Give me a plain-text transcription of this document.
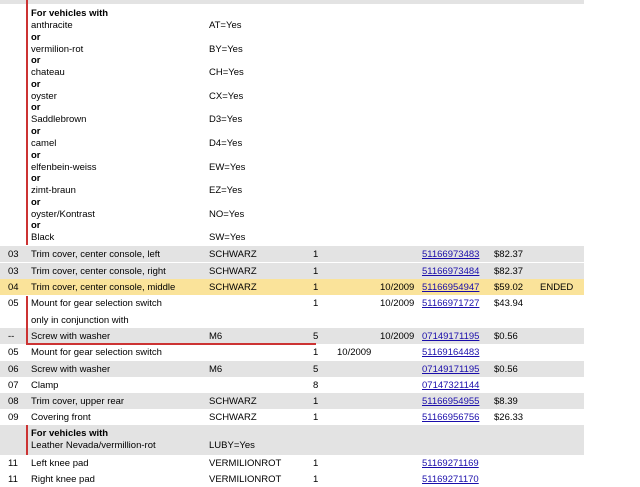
For vehicles with
anthracite	AT=Yes
or
vermilion-rot	BY=Yes
or
chateau	CH=Yes
or
oyster	CX=Yes
or
Saddlebrown	D3=Yes
or
camel	D4=Yes
or
elfenbein-weiss	EW=Yes
or
zimt-braun	EZ=Yes
or
oyster/Kontrast	NO=Yes
or
Black	SW=Yes
03 Trim cover, center console, left	SCHWARZ	1	51166973483 $82.37
03 Trim cover, center console, right	SCHWARZ	1	51166973484 $82.37
04 Trim cover, center console, middle	SCHWARZ	1	10/2009 51166954947 $59.02 ENDED
05 Mount for gear selection switch	1	10/2009 51166971727 $43.94
only in conjunction with
-- Screw with washer	M6	5	10/2009 07149171195 $0.56
05 Mount for gear selection switch	1 10/2009	51169164483
06 Screw with washer	M6	5	07149171195 $0.56
07 Clamp	8	07147321144
08 Trim cover, upper rear	SCHWARZ	1	51166954955 $8.39
09 Covering front	SCHWARZ	1	51166956756 $26.33
For vehicles with
Leather Nevada/vermillion-rot	LUBY=Yes
11 Left knee pad	VERMILIONROT	1	51169271169
11 Right knee pad	VERMILIONROT	1	51169271170
